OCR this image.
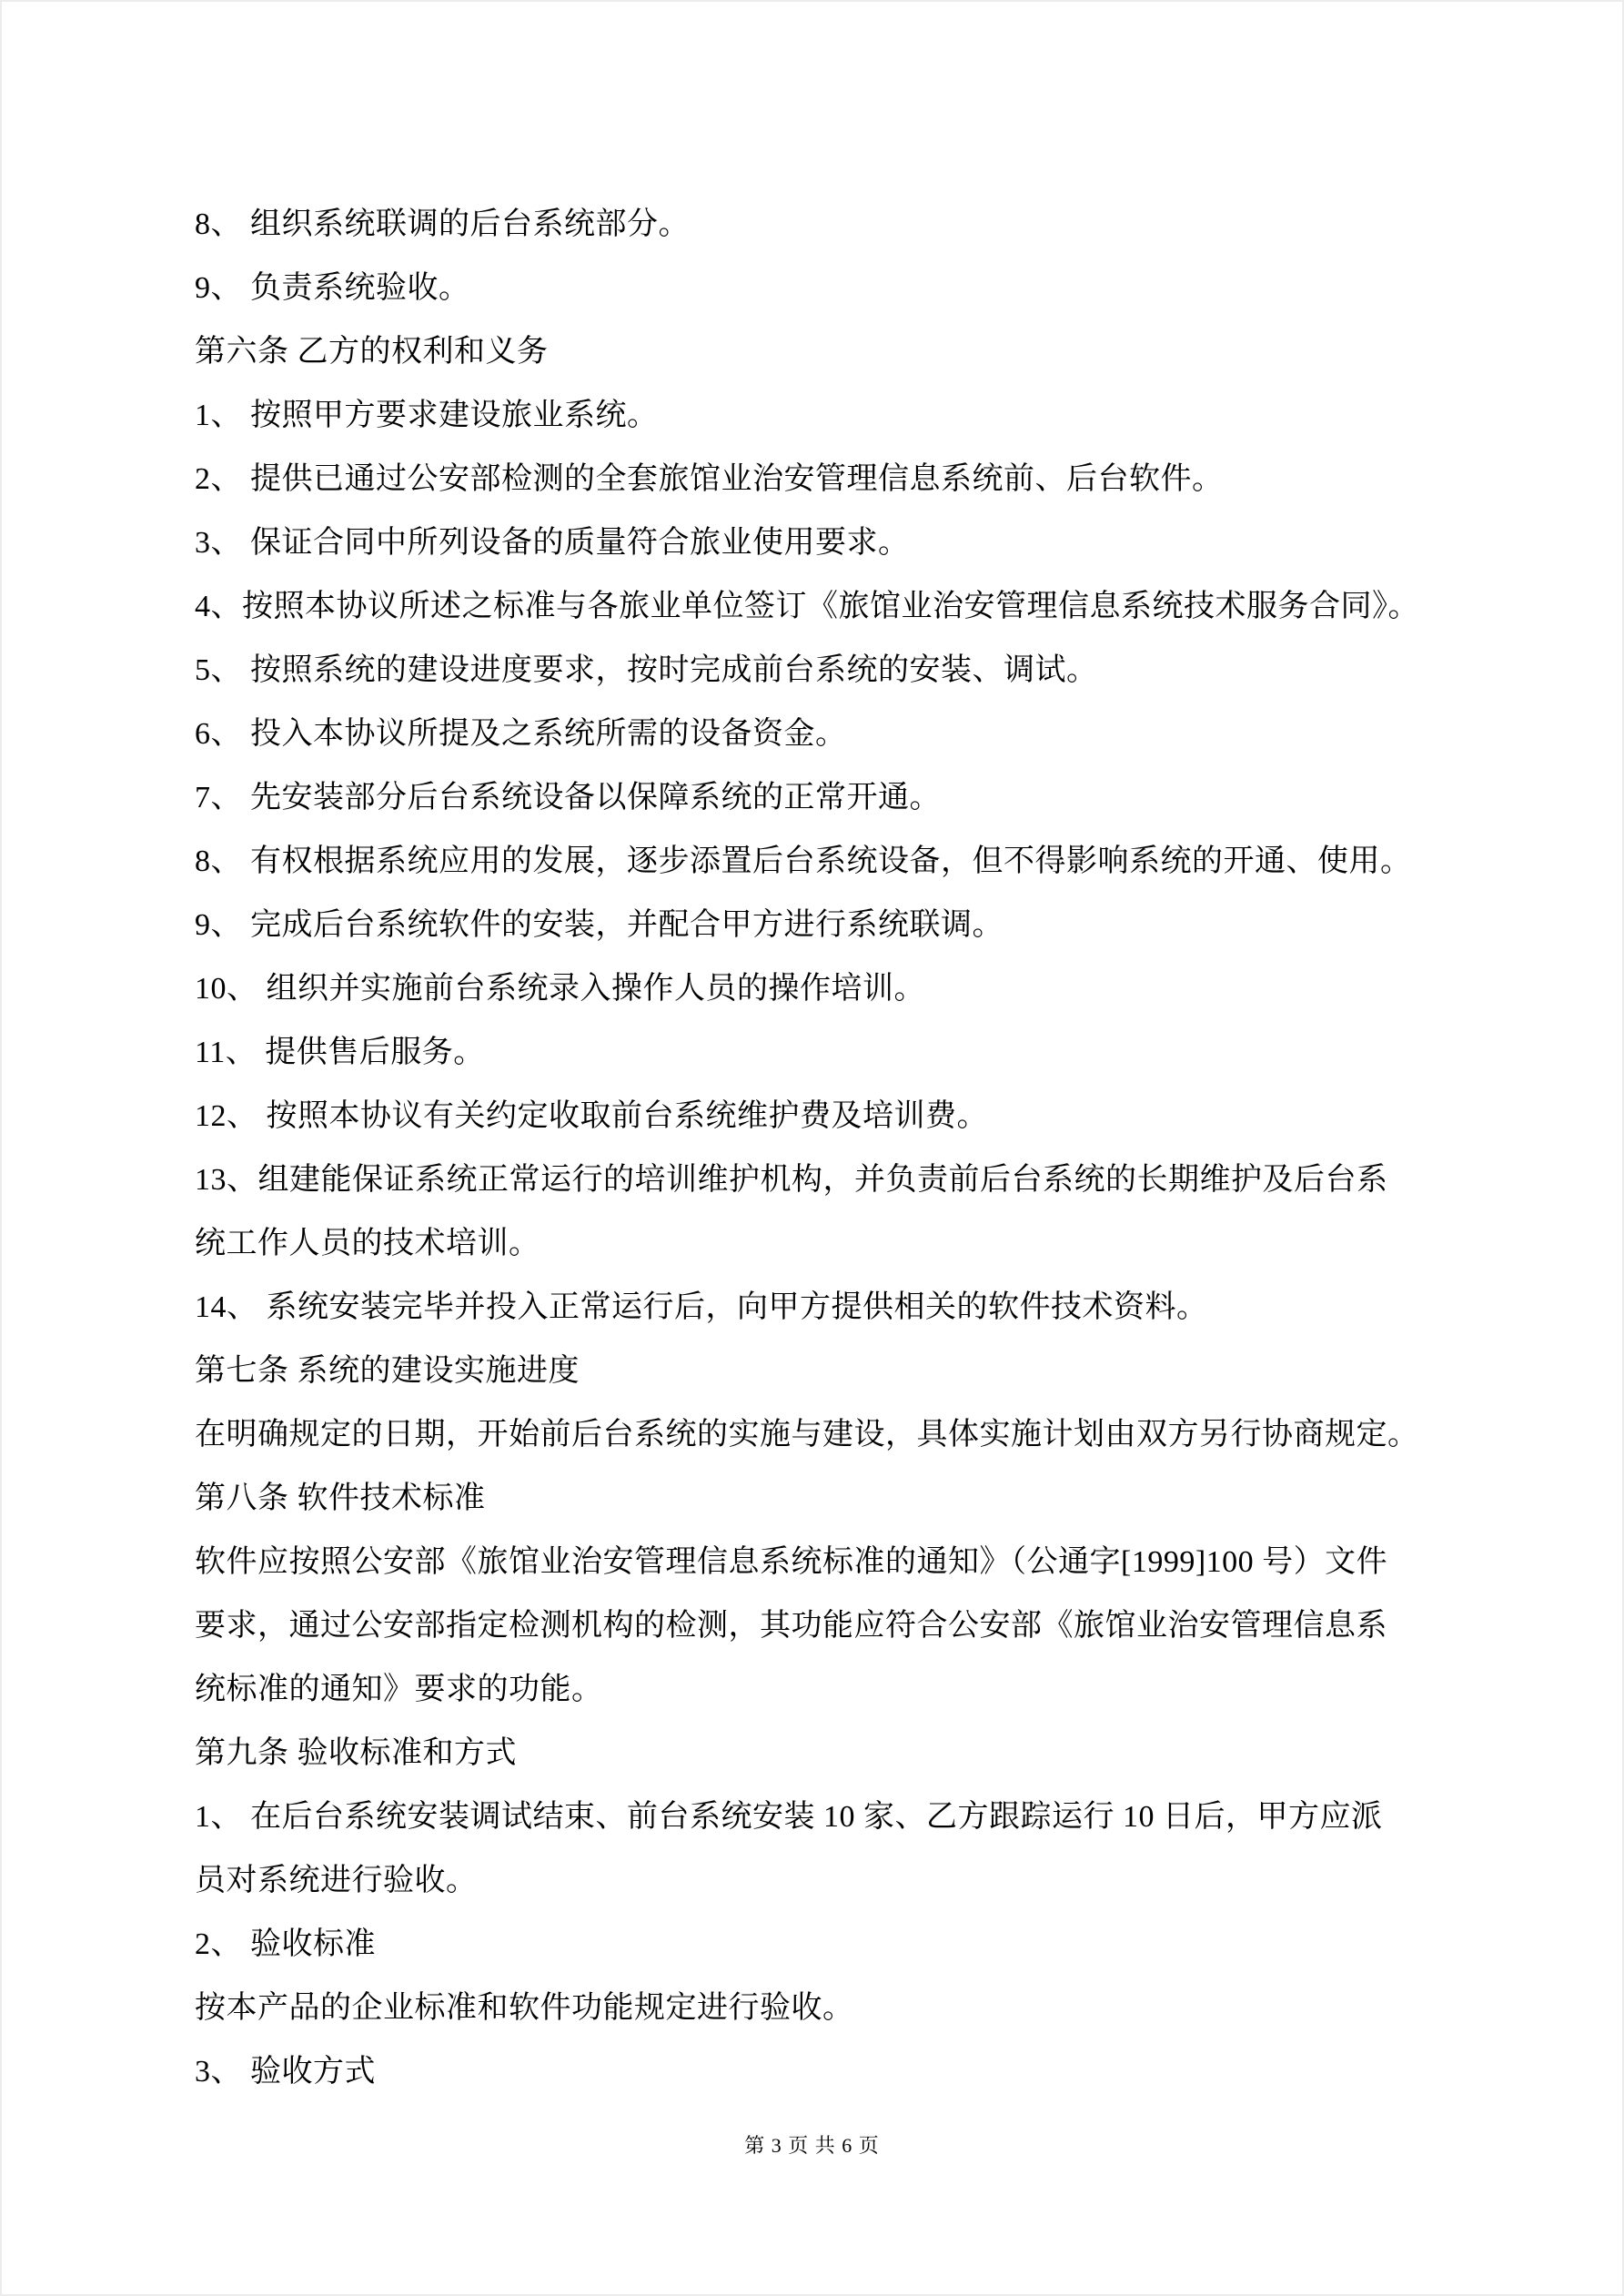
8、 组织系统联调的后台系统部分。
9、 负责系统验收。
第六条 乙方的权利和义务
1、 按照甲方要求建设旅业系统。
2、 提供已通过公安部检测的全套旅馆业治安管理信息系统前、后台软件。
3、 保证合同中所列设备的质量符合旅业使用要求。
4、按照本协议所述之标准与各旅业单位签订《旅馆业治安管理信息系统技术服务合同》。
5、 按照系统的建设进度要求，按时完成前台系统的安装、调试。
6、 投入本协议所提及之系统所需的设备资金。
7、 先安装部分后台系统设备以保障系统的正常开通。
8、 有权根据系统应用的发展，逐步添置后台系统设备，但不得影响系统的开通、使用。
9、 完成后台系统软件的安装，并配合甲方进行系统联调。
10、 组织并实施前台系统录入操作人员的操作培训。
11、 提供售后服务。
12、 按照本协议有关约定收取前台系统维护费及培训费。
13、组建能保证系统正常运行的培训维护机构，并负责前后台系统的长期维护及后台系
统工作人员的技术培训。
14、 系统安装完毕并投入正常运行后，向甲方提供相关的软件技术资料。
第七条 系统的建设实施进度
在明确规定的日期，开始前后台系统的实施与建设，具体实施计划由双方另行协商规定。
第八条 软件技术标准
软件应按照公安部《旅馆业治安管理信息系统标准的通知》（公通字[1999]100 号）文件
要求，通过公安部指定检测机构的检测，其功能应符合公安部《旅馆业治安管理信息系
统标准的通知》要求的功能。
第九条 验收标准和方式
1、 在后台系统安装调试结束、前台系统安装 10 家、乙方跟踪运行 10 日后，甲方应派
员对系统进行验收。
2、 验收标准
按本产品的企业标准和软件功能规定进行验收。
3、 验收方式
第 3 页 共 6 页
